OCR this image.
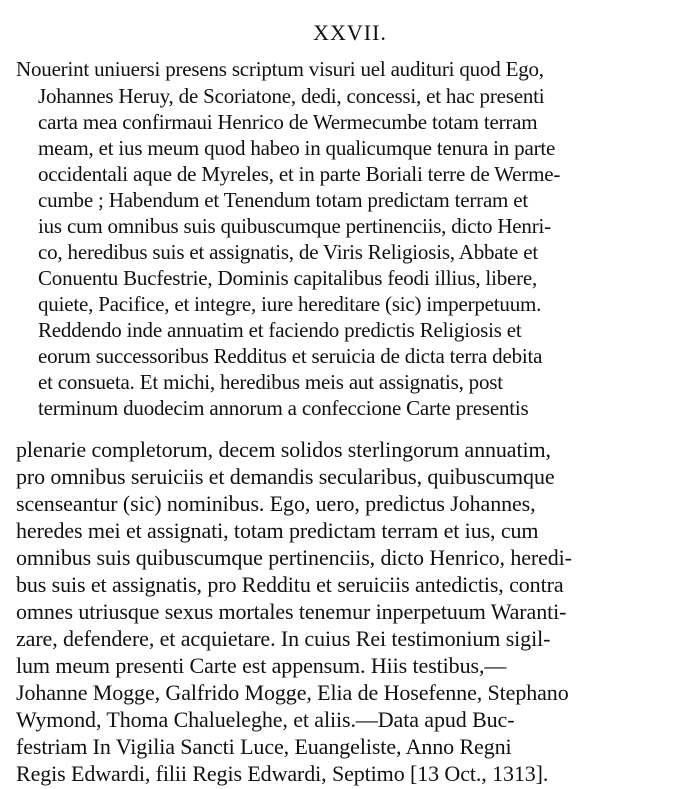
XXVII.
Nouerint uniuersi presens scriptum visuri uel audituri quod Ego,
Johannes Heruy, de Scoriatone, dedi, concessi, et hac presenti
carta mea confirmaui Henrico de Wermecumbe totam terram
meam, et ius meum quod habeo in qualicumque tenura in parte
occidentali aque de Myreles, et in parte Boriali terre de Werme-
cumbe ; Habendum et Tenendum totam predictam terram et
ius cum omnibus suis quibuscumque pertinenciis, dicto Henri-
co, heredibus suis et assignatis, de Viris Religiosis, Abbate et
Conuentu Bucfestrie, Dominis capitalibus feodi illius, libere,
quiete, Pacifice, et integre, iure hereditare (sic) imperpetuum.
Reddendo inde annuatim et faciendo predictis Religiosis et
eorum successoribus Redditus et seruicia de dicta terra debita
et consueta. Et michi, heredibus meis aut assignatis, post
terminum duodecim annorum a confeccione Carte presentis
plenarie completorum, decem solidos sterlingorum annuatim,
pro omnibus seruiciis et demandis secularibus, quibuscumque
scenseantur (sic) nominibus. Ego, uero, predictus Johannes,
heredes mei et assignati, totam predictam terram et ius, cum
omnibus suis quibuscumque pertinenciis, dicto Henrico, heredi-
bus suis et assignatis, pro Redditu et seruiciis antedictis, contra
omnes utriusque sexus mortales tenemur inperpetuum Waranti-
zare, defendere, et acquietare. In cuius Rei testimonium sigil-
lum meum presenti Carte est appensum. Hiis testibus,—
Johanne Mogge, Galfrido Mogge, Elia de Hosefenne, Stephano
Wymond, Thoma Chalueleghe, et aliis.—Data apud Buc-
festriam In Vigilia Sancti Luce, Euangeliste, Anno Regni
Regis Edwardi, filii Regis Edwardi, Septimo [13 Oct., 1313].
